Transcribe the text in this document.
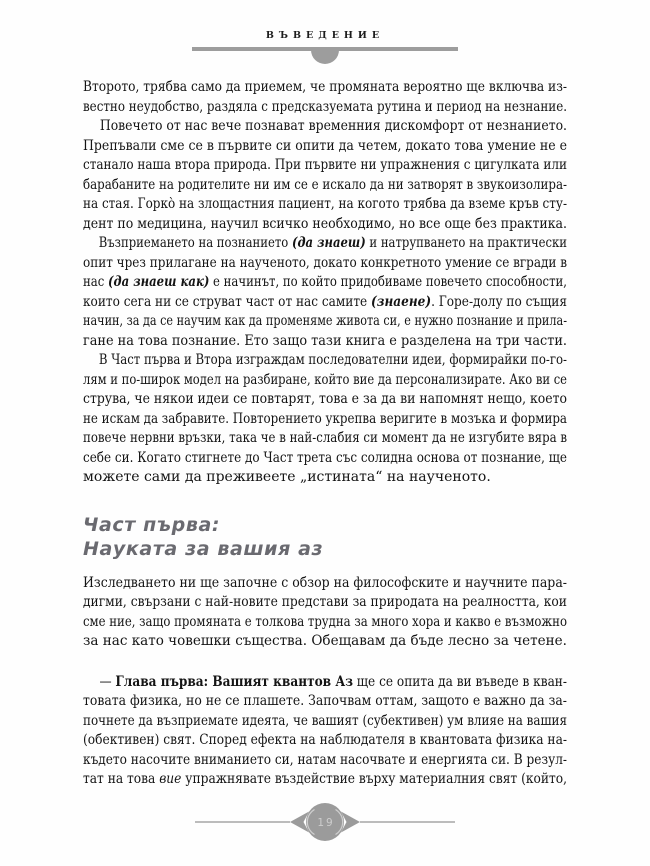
ВЪВЕДЕНИЕ
Второто, трябва само да приемем, че промяната вероятно ще включва из-
вестно неудобство, раздяла с предсказуемата рутина и период на незнание.
Повечето от нас вече познават временния дискомфорт от незнанието.
Препъвали сме се в първите си опити да четем, докато това умение не е
станало наша втора природа. При първите ни упражнения с цигулката или
барабаните на родителите ни им се е искало да ни затворят в звукоизолира-
на стая. Горко̀ на злощастния пациент, на когото трябва да вземе кръв сту-
дент по медицина, научил всичко необходимо, но все още без практика.
Възприемането на познанието (да знаеш) и натрупването на практически
опит чрез прилагане на наученото, докато конкретното умение се вгради в
нас (да знаеш как) е начинът, по който придобиваме повечето способности,
които сега ни се струват част от нас самите (знаене). Горе-долу по същия
начин, за да се научим как да променяме живота си, е нужно познание и прила-
гане на това познание. Ето защо тази книга е разделена на три части.
В Част първа и Втора изграждам последователни идеи, формирайки по-го-
лям и по-широк модел на разбиране, който вие да персонализирате. Ако ви се
струва, че някои идеи се повтарят, това е за да ви напомнят нещо, което
не искам да забравите. Повторението укрепва веригите в мозъка и формира
повече нервни връзки, така че в най-слабия си момент да не изгубите вяра в
себе си. Когато стигнете до Част трета със солидна основа от познание, ще
можете сами да преживеете „истината“ на наученото.
Част първа:
Науката за вашия аз
Изследването ни ще започне с обзор на философските и научните пара-
дигми, свързани с най-новите представи за природата на реалността, кои
сме ние, защо промяната е толкова трудна за много хора и какво е възможно
за нас като човешки същества. Обещавам да бъде лесно за четене.
— Глава първа: Вашият квантов Аз ще се опита да ви въведе в кван-
товата физика, но не се плашете. Започвам оттам, защото е важно да за-
почнете да възприемате идеята, че вашият (субективен) ум влияе на вашия
(обективен) свят. Според ефекта на наблюдателя в квантовата физика на-
където насочите вниманието си, натам насочвате и енергията си. В резул-
тат на това вие упражнявате въздействие върху материалния свят (който,
19
